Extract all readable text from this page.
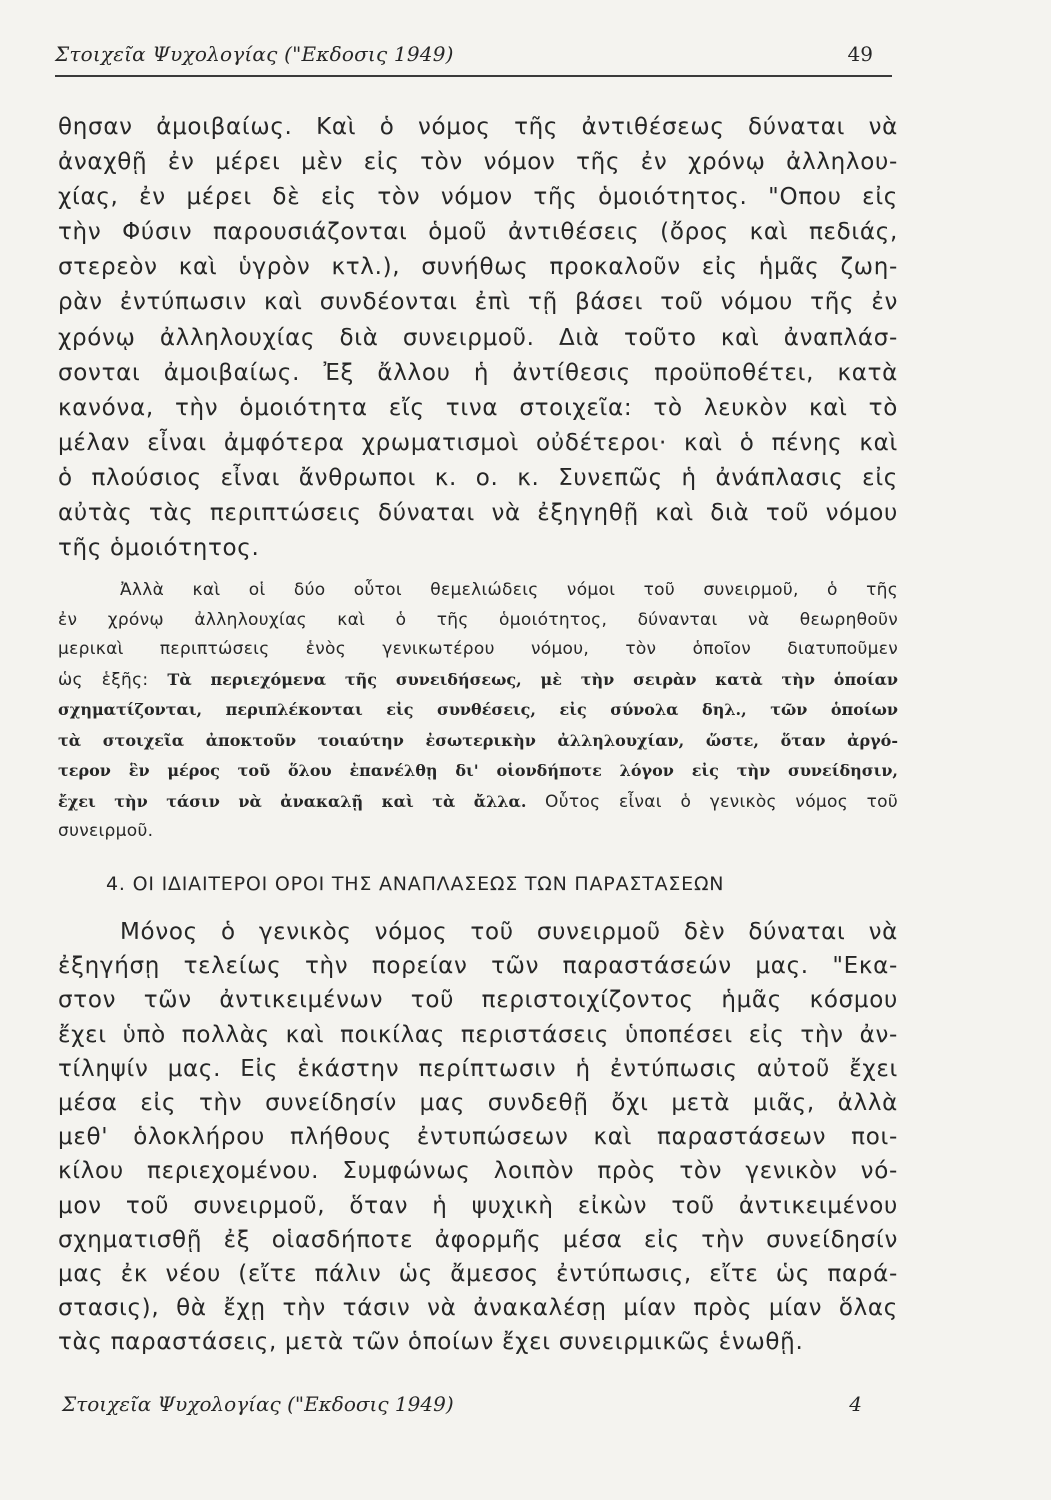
Στοιχεῖα Ψυχολογίας ("Εκδοσις 1949)	49
θησαν ἀμοιβαίως. Καὶ ὁ νόμος τῆς ἀντιθέσεως δύναται νὰ
ἀναχθῇ ἐν μέρει μὲν εἰς τὸν νόμον τῆς ἐν χρόνῳ ἀλληλου-
χίας, ἐν μέρει δὲ εἰς τὸν νόμον τῆς ὁμοιότητος. "Οπου εἰς
τὴν Φύσιν παρουσιάζονται ὁμοῦ ἀντιθέσεις (ὄρος καὶ πεδιάς,
στερεὸν καὶ ὑγρὸν κτλ.), συνήθως προκαλοῦν εἰς ἡμᾶς ζωη-
ρὰν ἐντύπωσιν καὶ συνδέονται ἐπὶ τῇ βάσει τοῦ νόμου τῆς ἐν
χρόνῳ ἀλληλουχίας διὰ συνειρμοῦ. Διὰ τοῦτο καὶ ἀναπλάσ-
σονται ἀμοιβαίως. Ἐξ ἄλλου ἡ ἀντίθεσις προϋποθέτει, κατὰ
κανόνα, τὴν ὁμοιότητα εἴς τινα στοιχεῖα: τὸ λευκὸν καὶ τὸ
μέλαν εἶναι ἀμφότερα χρωματισμοὶ οὐδέτεροι· καὶ ὁ πένης καὶ
ὁ πλούσιος εἶναι ἄνθρωποι κ. ο. κ. Συνεπῶς ἡ ἀνάπλασις εἰς
αὐτὰς τὰς περιπτώσεις δύναται νὰ ἐξηγηθῇ καὶ διὰ τοῦ νόμου
τῆς ὁμοιότητος.
Ἀλλὰ καὶ οἱ δύο οὗτοι θεμελιώδεις νόμοι τοῦ συνειρμοῦ, ὁ τῆς
ἐν χρόνῳ ἀλληλουχίας καὶ ὁ τῆς ὁμοιότητος, δύνανται νὰ θεωρηθοῦν
μερικαὶ περιπτώσεις ἑνὸς γενικωτέρου νόμου, τὸν ὁποῖον διατυποῦμεν
ὡς ἑξῆς: Τὰ περιεχόμενα τῆς συνειδήσεως, μὲ τὴν σειρὰν κατὰ τὴν ὁποίαν
σχηματίζονται, περιπλέκονται εἰς συνθέσεις, εἰς σύνολα δηλ., τῶν ὁποίων
τὰ στοιχεῖα ἀποκτοῦν τοιαύτην ἐσωτερικὴν ἀλληλουχίαν, ὥστε, ὅταν ἀργό-
τερον ἓν μέρος τοῦ ὅλου ἐπανέλθῃ δι' οἱονδήποτε λόγον εἰς τὴν συνείδησιν,
ἔχει τὴν τάσιν νὰ ἀνακαλῇ καὶ τὰ ἄλλα. Οὗτος εἶναι ὁ γενικὸς νόμος τοῦ
συνειρμοῦ.
4. ΟΙ ΙΔΙΑΙΤΕΡΟΙ ΟΡΟΙ ΤΗΣ ΑΝΑΠΛΑΣΕΩΣ ΤΩΝ ΠΑΡΑΣΤΑΣΕΩΝ
Μόνος ὁ γενικὸς νόμος τοῦ συνειρμοῦ δὲν δύναται νὰ
ἐξηγήσῃ τελείως τὴν πορείαν τῶν παραστάσεών μας. "Εκα-
στον τῶν ἀντικειμένων τοῦ περιστοιχίζοντος ἡμᾶς κόσμου
ἔχει ὑπὸ πολλὰς καὶ ποικίλας περιστάσεις ὑποπέσει εἰς τὴν ἀν-
τίληψίν μας. Εἰς ἑκάστην περίπτωσιν ἡ ἐντύπωσις αὐτοῦ ἔχει
μέσα εἰς τὴν συνείδησίν μας συνδεθῇ ὄχι μετὰ μιᾶς, ἀλλὰ
μεθ' ὁλοκλήρου πλήθους ἐντυπώσεων καὶ παραστάσεων ποι-
κίλου περιεχομένου. Συμφώνως λοιπὸν πρὸς τὸν γενικὸν νό-
μον τοῦ συνειρμοῦ, ὅταν ἡ ψυχικὴ εἰκὼν τοῦ ἀντικειμένου
σχηματισθῇ ἐξ οἱασδήποτε ἀφορμῆς μέσα εἰς τὴν συνείδησίν
μας ἐκ νέου (εἴτε πάλιν ὡς ἄμεσος ἐντύπωσις, εἴτε ὡς παρά-
στασις), θὰ ἔχῃ τὴν τάσιν νὰ ἀνακαλέσῃ μίαν πρὸς μίαν ὅλας
τὰς παραστάσεις, μετὰ τῶν ὁποίων ἔχει συνειρμικῶς ἑνωθῇ.
Στοιχεῖα Ψυχολογίας ("Εκδοσις 1949)	4
